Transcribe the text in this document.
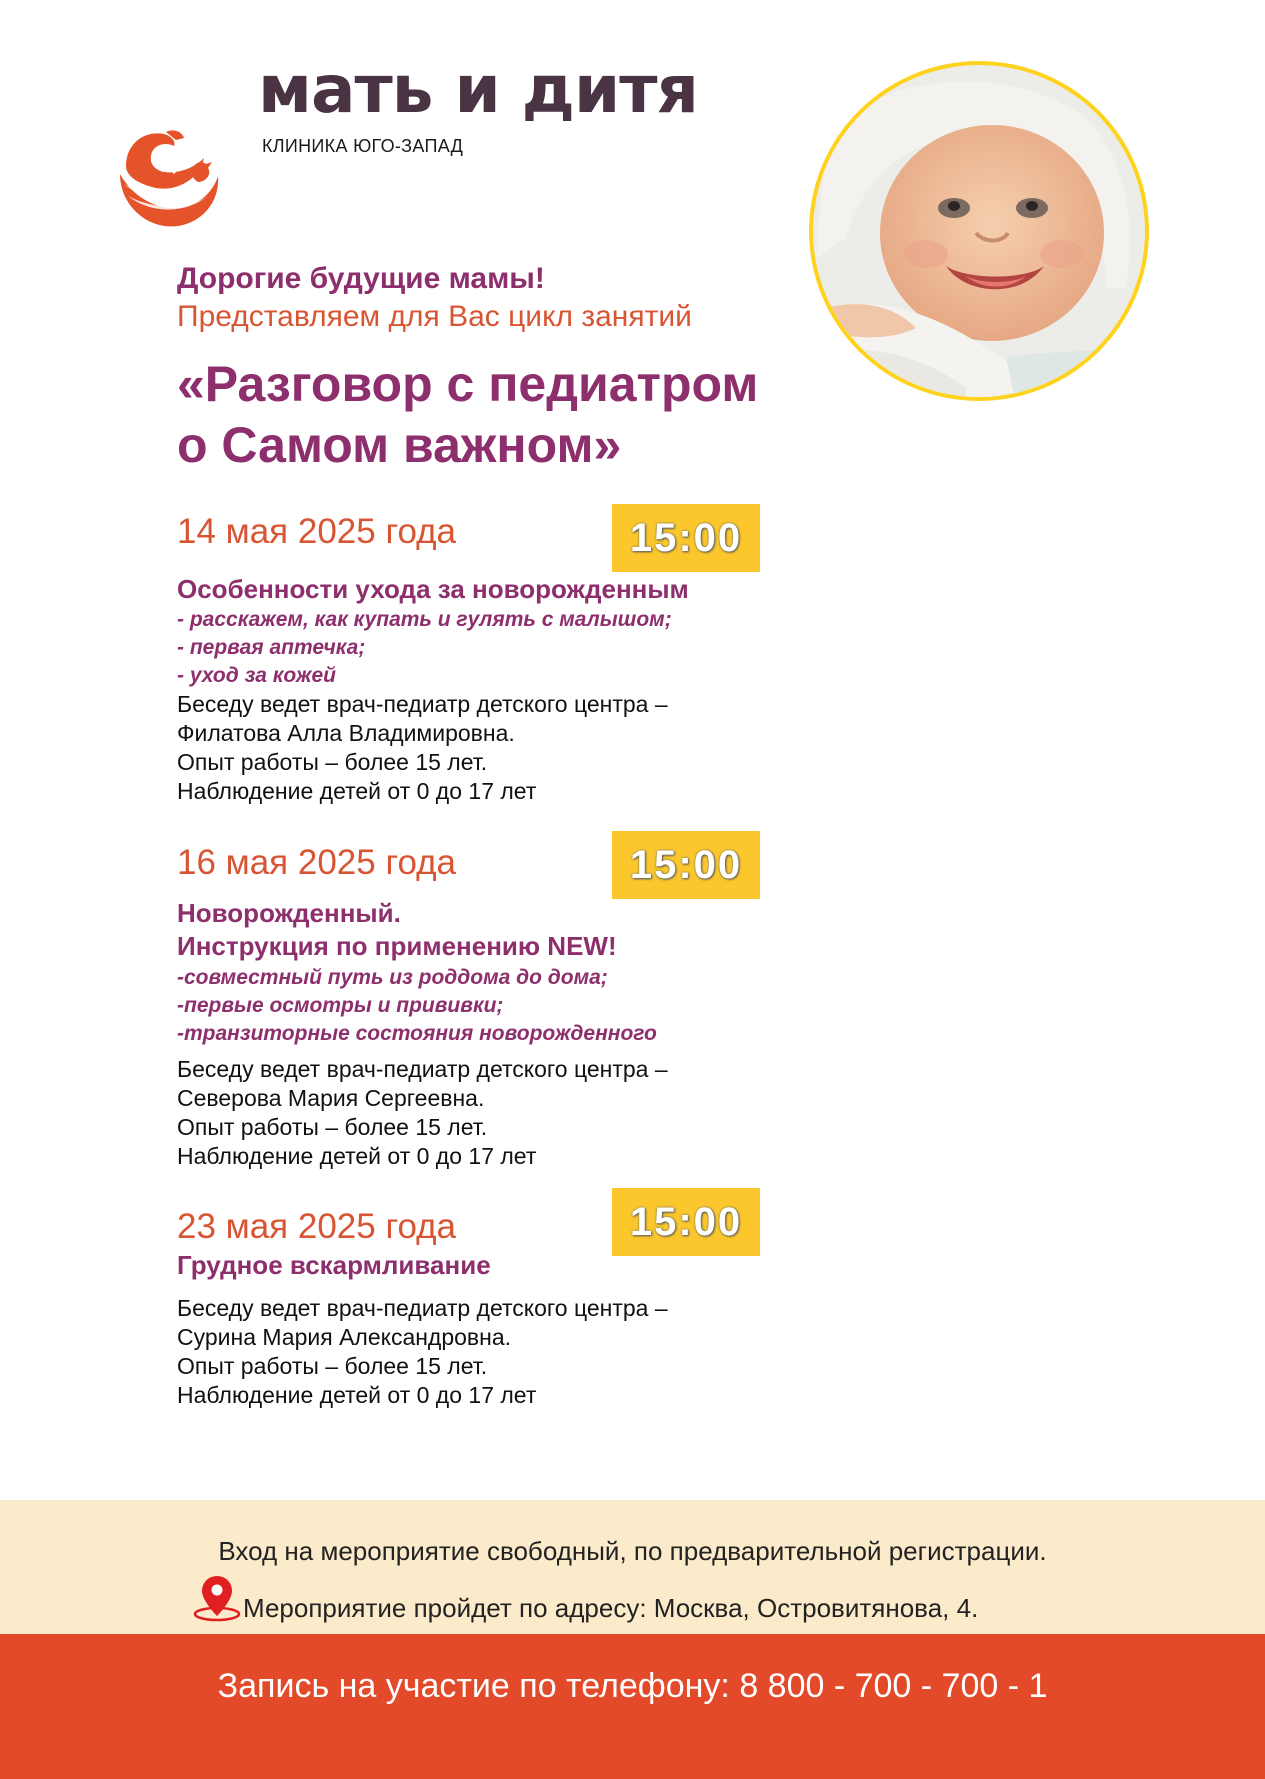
мать и дитя
КЛИНИКА ЮГО-ЗАПАД
Дорогие будущие мамы!
Представляем для Вас цикл занятий
«Разговор с педиатром
о Самом важном»
14 мая 2025 года	15:00
Особенности ухода за новорожденным
- расскажем, как купать и гулять с малышом;
- первая аптечка;
- уход за кожей
Беседу ведет врач-педиатр детского центра –
Филатова Алла Владимировна.
Опыт работы – более 15 лет.
Наблюдение детей от 0 до 17 лет
16 мая 2025 года	15:00
Новорожденный.
Инструкция по применению NEW!
-совместный путь из роддома до дома;
-первые осмотры и прививки;
-транзиторные состояния новорожденного
Беседу ведет врач-педиатр детского центра –
Северова Мария Сергеевна.
Опыт работы – более 15 лет.
Наблюдение детей от 0 до 17 лет
23 мая 2025 года	15:00
Грудное вскармливание
Беседу ведет врач-педиатр детского центра –
Сурина Мария Александровна.
Опыт работы – более 15 лет.
Наблюдение детей от 0 до 17 лет
Вход на мероприятие свободный, по предварительной регистрации.
Мероприятие пройдет по адресу: Москва, Островитянова, 4.
Запись на участие по телефону: 8 800 - 700 - 700 - 1
